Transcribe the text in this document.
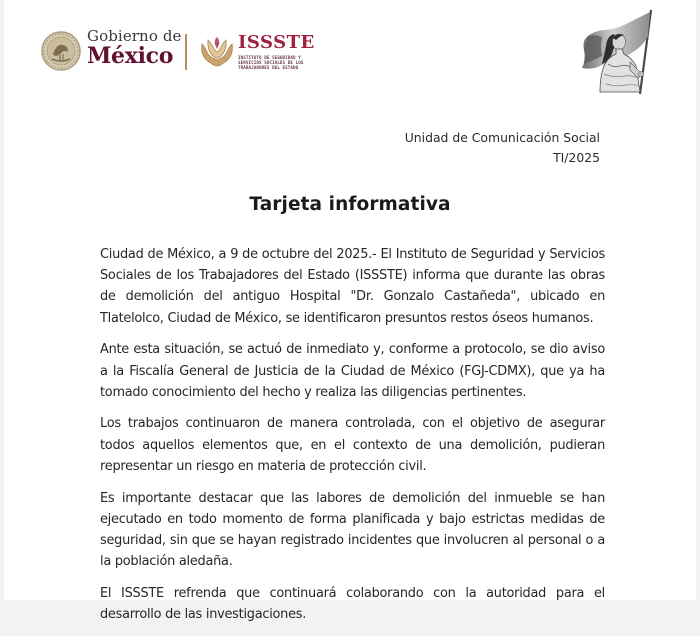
Gobierno de
México
ISSSTE
INSTITUTO DE SEGURIDAD Y SERVICIOS SOCIALES DE LOS TRABAJADORES DEL ESTADO
Unidad de Comunicación Social
TI/2025
Tarjeta informativa

Ciudad de México, a 9 de octubre del 2025.- El Instituto de Seguridad y Servicios Sociales de los Trabajadores del Estado (ISSSTE) informa que durante las obras de demolición del antiguo Hospital "Dr. Gonzalo Castañeda", ubicado en Tlatelolco, Ciudad de México, se identificaron presuntos restos óseos humanos.

Ante esta situación, se actuó de inmediato y, conforme a protocolo, se dio aviso a la Fiscalía General de Justicia de la Ciudad de México (FGJ-CDMX), que ya ha tomado conocimiento del hecho y realiza las diligencias pertinentes.

Los trabajos continuaron de manera controlada, con el objetivo de asegurar todos aquellos elementos que, en el contexto de una demolición, pudieran representar un riesgo en materia de protección civil.

Es importante destacar que las labores de demolición del inmueble se han ejecutado en todo momento de forma planificada y bajo estrictas medidas de seguridad, sin que se hayan registrado incidentes que involucren al personal o a la población aledaña.

El ISSSTE refrenda que continuará colaborando con la autoridad para el desarrollo de las investigaciones.
